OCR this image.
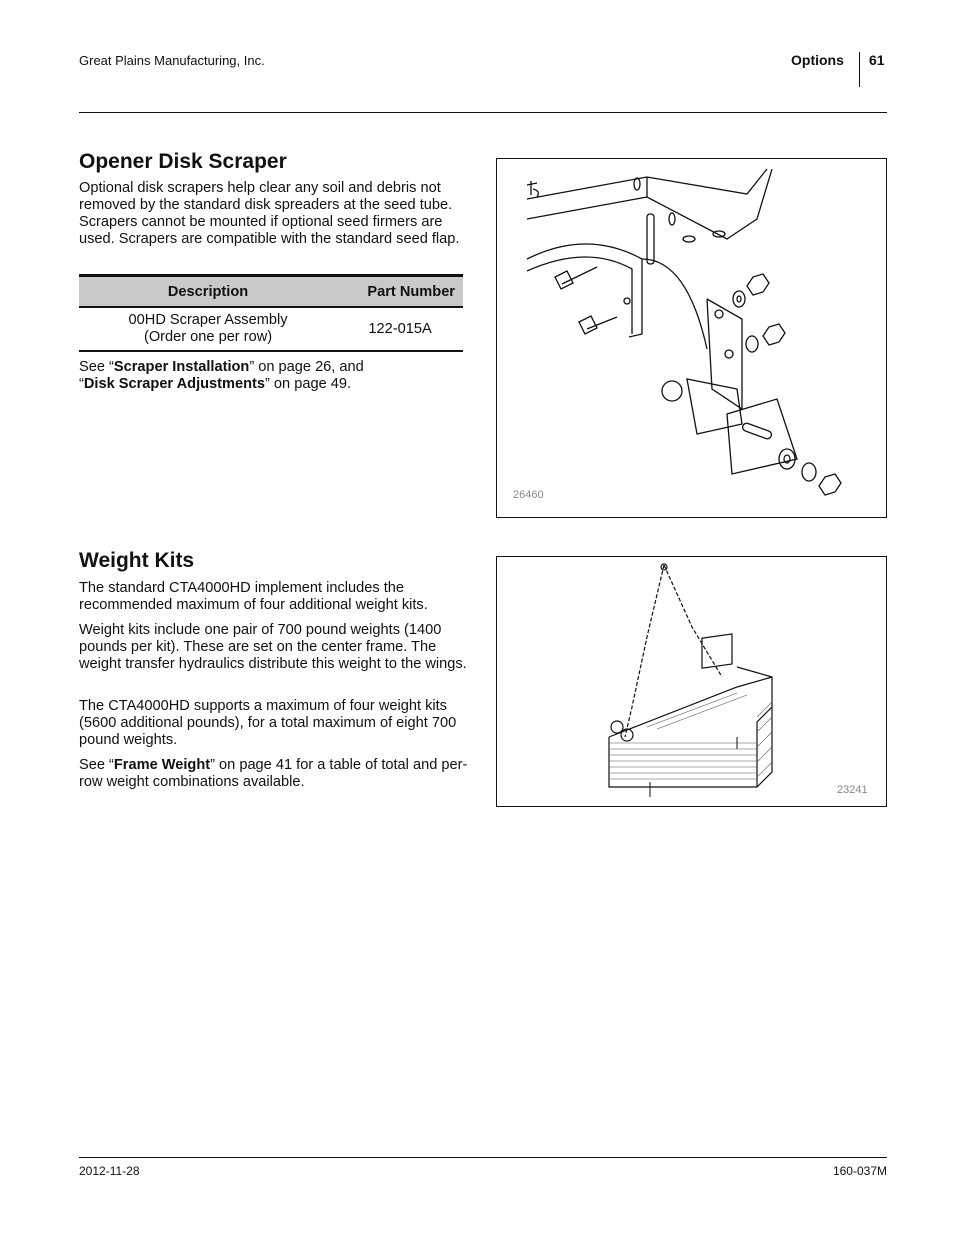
Great Plains Manufacturing, Inc.	Options 61
Opener Disk Scraper

Optional disk scrapers help clear any soil and debris not removed by the standard disk spreaders at the seed tube. Scrapers cannot be mounted if optional seed firmers are used. Scrapers are compatible with the standard seed flap.

Description	Part Number

00HD Scraper Assembly
(Order one per row)	122-015A

See “Scraper Installation” on page 26, and
“Disk Scraper Adjustments” on page 49.

26460
Weight Kits

The standard CTA4000HD implement includes the recommended maximum of four additional weight kits.

Weight kits include one pair of 700 pound weights (1400 pounds per kit). These are set on the center frame. The weight transfer hydraulics distribute this weight to the wings.

The CTA4000HD supports a maximum of four weight kits (5600 additional pounds), for a total maximum of eight 700 pound weights.

See “Frame Weight” on page 41 for a table of total and per-row weight combinations available.	23241
2012-11-28	160-037M
